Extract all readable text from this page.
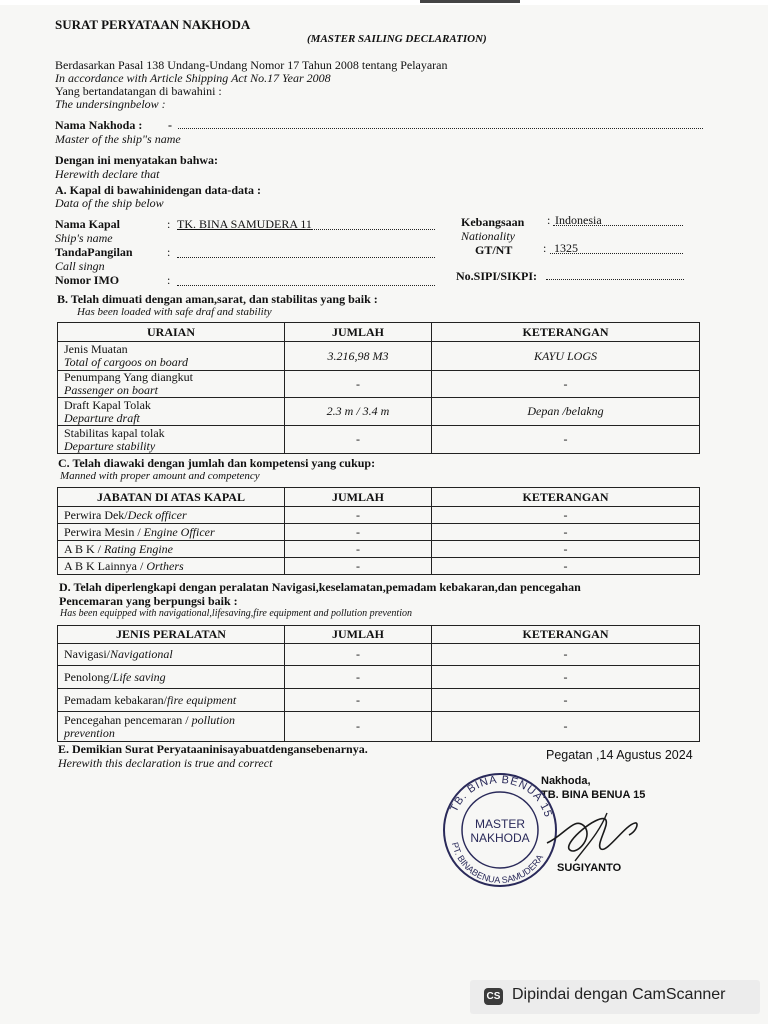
SURAT PERYATAAN NAKHODA
(MASTER SAILING DECLARATION)
Berdasarkan Pasal 138 Undang-Undang Nomor 17 Tahun 2008 tentang Pelayaran
In accordance with Article Shipping Act No.17 Year 2008
Yang bertandatangan di bawahini :
The undersingnbelow :
Nama Nakhoda : -
Master of the ship"s name
Dengan ini menyatakan bahwa:
Herewith declare that
A. Kapal di bawahinidengan data-data :
Data of the ship below
Nama Kapal
Ship's name
: TK. BINA SAMUDERA 11
TandaPangilan
Call singn
:
Nomor IMO	:
Kebangsaan
Nationality
: Indonesia
GT/NT	: 1325
No.SIPI/SIKPI:
B. Telah dimuati dengan aman,sarat, dan stabilitas yang baik :
Has been loaded with safe draf and stability
URAIAN	JUMLAH	KETERANGAN

Jenis Muatan
Total of cargoos on board	3.216,98 M3	KAYU LOGS

Penumpang Yang diangkut
Passenger on boart	-	-

Draft Kapal Tolak
Departure draft	2.3 m / 3.4 m	Depan /belakng

Stabilitas kapal tolak
Departure stability	-	-
C. Telah diawaki dengan jumlah dan kompetensi yang cukup:
Manned with proper amount and competency
JABATAN DI ATAS KAPAL	JUMLAH	KETERANGAN
Perwira Dek/Deck officer	-	-
Perwira Mesin / Engine Officer	-	-
A B K / Rating Engine	-	-
A B K Lainnya / Orthers	-	-
D. Telah diperlengkapi dengan peralatan Navigasi,keselamatan,pemadam kebakaran,dan pencegahan
Pencemaran yang berpungsi baik :
Has been equipped with navigational,lifesaving,fire equipment and pollution prevention
JENIS PERALATAN	JUMLAH	KETERANGAN
Navigasi/Navigational	-	-
Penolong/Life saving	-	-
Pemadam kebakaran/fire equipment	-	-

Pencegahan pencemaran / pollution
prevention	-	-
E. Demikian Surat Peryataaninisayabuatdengansebenarnya.
Herewith this declaration is true and correct
Pegatan ,14 Agustus 2024
Nakhoda,
TB. BINA BENUA 15
SUGIYANTO
TB. BINA BENUA 15
PT. BINABENUA SAMUDERA
MASTER
NAKHODA
CS Dipindai dengan CamScanner
